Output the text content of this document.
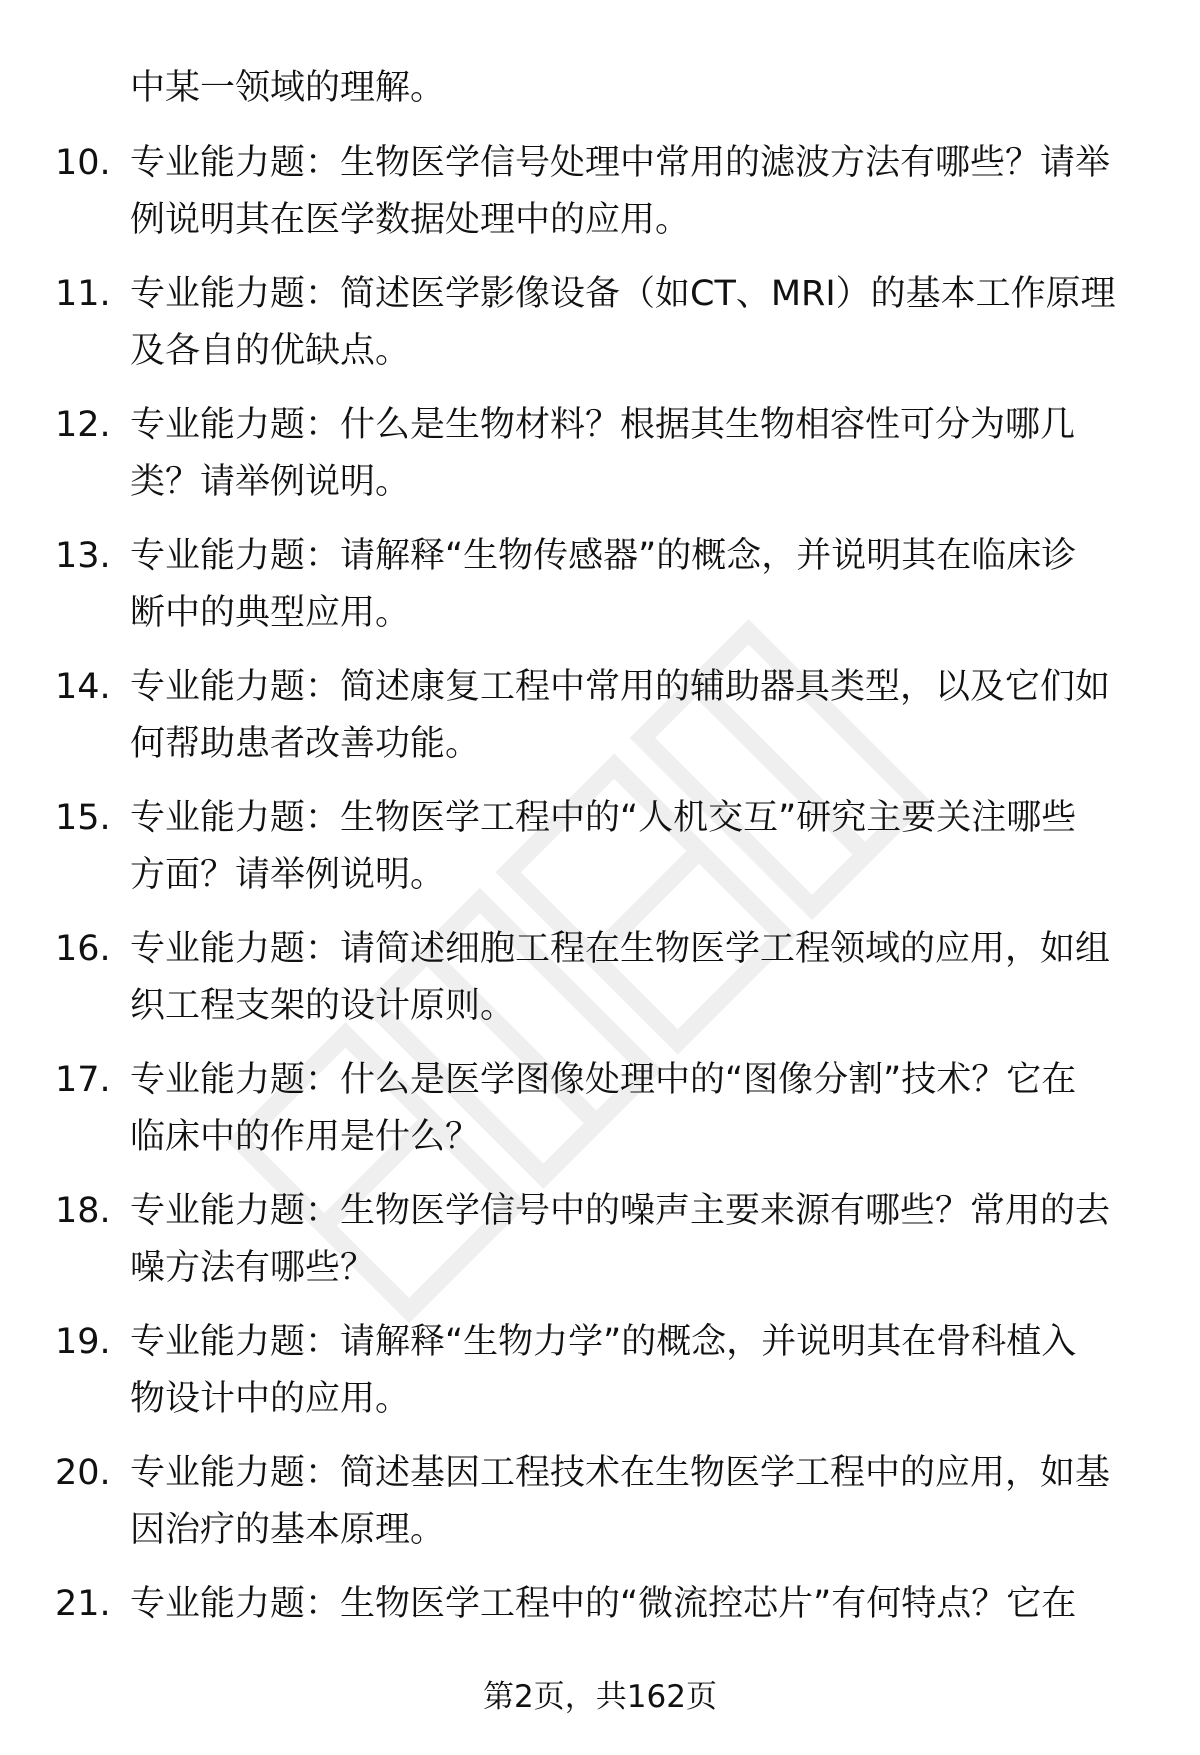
中某一领域的理解。
10. 专业能力题：生物医学信号处理中常用的滤波方法有哪些？请举
例说明其在医学数据处理中的应用。
11. 专业能力题：简述医学影像设备（如CT、MRI）的基本工作原理
及各自的优缺点。
12. 专业能力题：什么是生物材料？根据其生物相容性可分为哪几
类？请举例说明。
13. 专业能力题：请解释“生物传感器”的概念，并说明其在临床诊
断中的典型应用。
14. 专业能力题：简述康复工程中常用的辅助器具类型，以及它们如
何帮助患者改善功能。
15. 专业能力题：生物医学工程中的“人机交互”研究主要关注哪些
方面？请举例说明。
16. 专业能力题：请简述细胞工程在生物医学工程领域的应用，如组
织工程支架的设计原则。
17. 专业能力题：什么是医学图像处理中的“图像分割”技术？它在
临床中的作用是什么？
18. 专业能力题：生物医学信号中的噪声主要来源有哪些？常用的去
噪方法有哪些？
19. 专业能力题：请解释“生物力学”的概念，并说明其在骨科植入
物设计中的应用。
20. 专业能力题：简述基因工程技术在生物医学工程中的应用，如基
因治疗的基本原理。
21. 专业能力题：生物医学工程中的“微流控芯片”有何特点？它在
第2页，共162页
